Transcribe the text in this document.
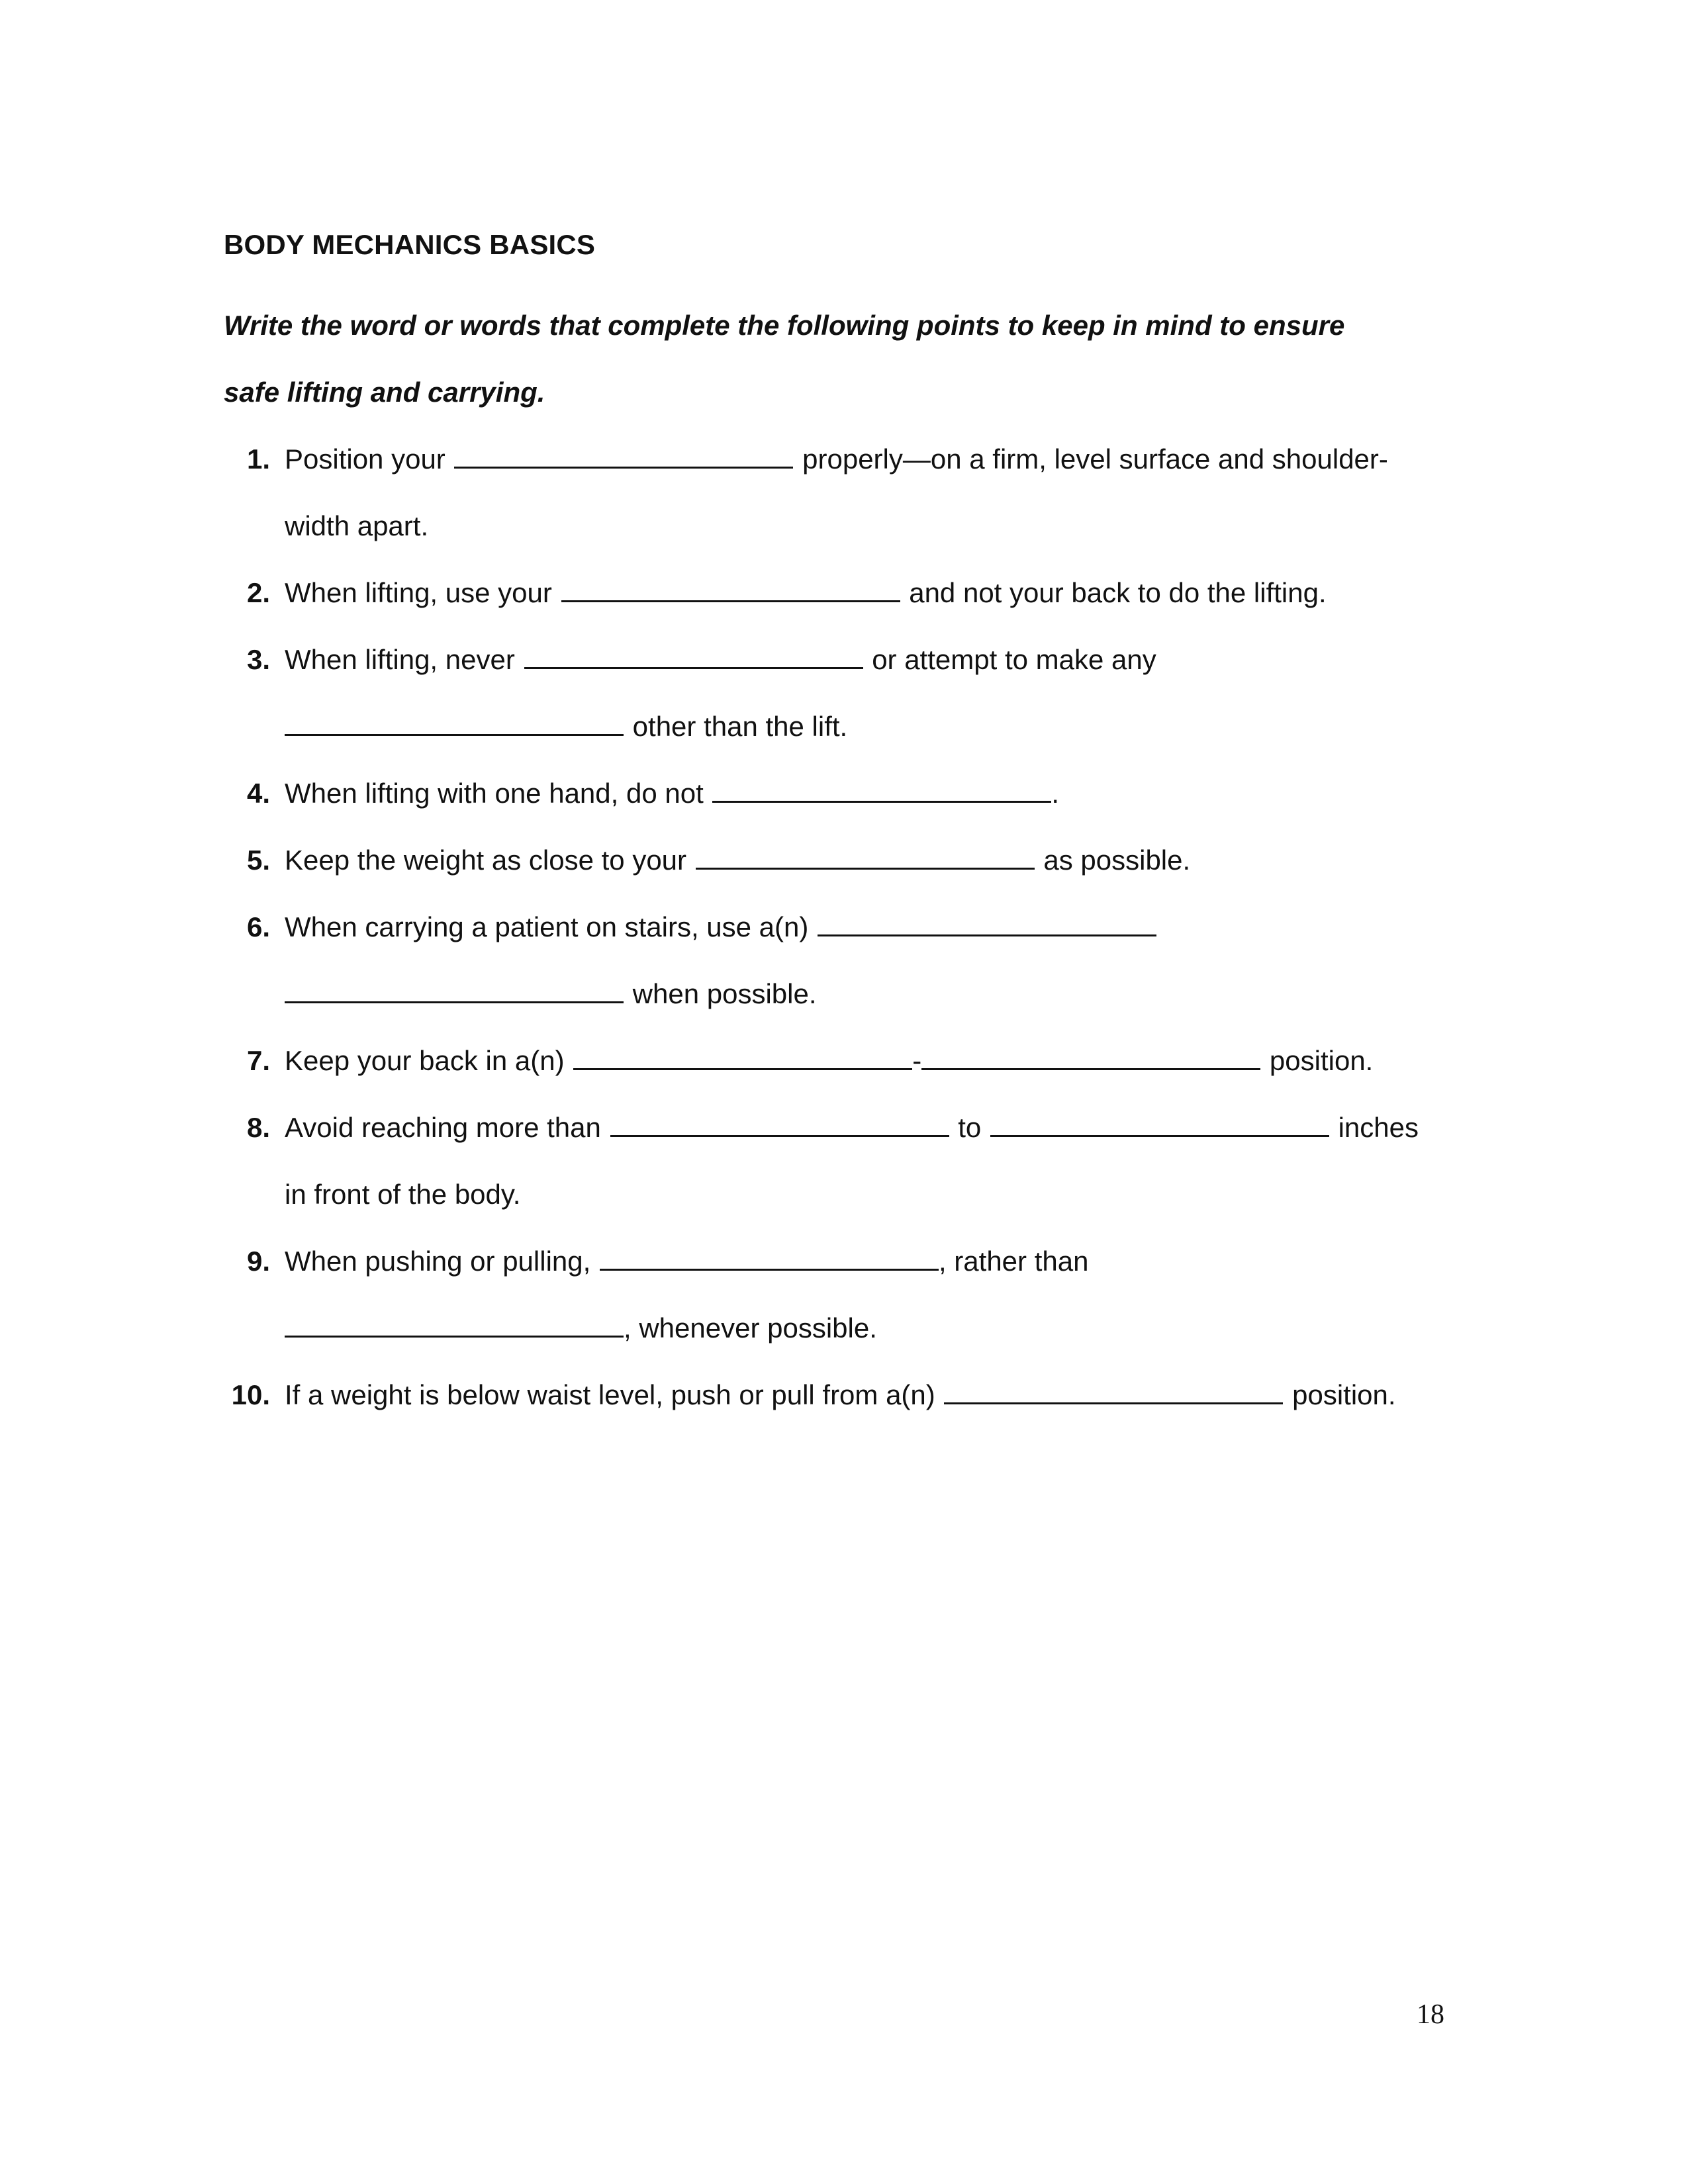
BODY MECHANICS BASICS

Write the word or words that complete the following points to keep in mind to ensure
safe lifting and carrying.

1. Position your	properly—on a firm, level surface and shoulder-
width apart.
2. When lifting, use your	and not your back to do the lifting.
3. When lifting, never	or attempt to make any
other than the lift.
4. When lifting with one hand, do not	.
5. Keep the weight as close to your	as possible.
6. When carrying a patient on stairs, use a(n)
when possible.
7. Keep your back in a(n)	-	position.
8. Avoid reaching more than	to	inches
in front of the body.
9. When pushing or pulling,	, rather than
, whenever possible.
10. If a weight is below waist level, push or pull from a(n)	position.
18
